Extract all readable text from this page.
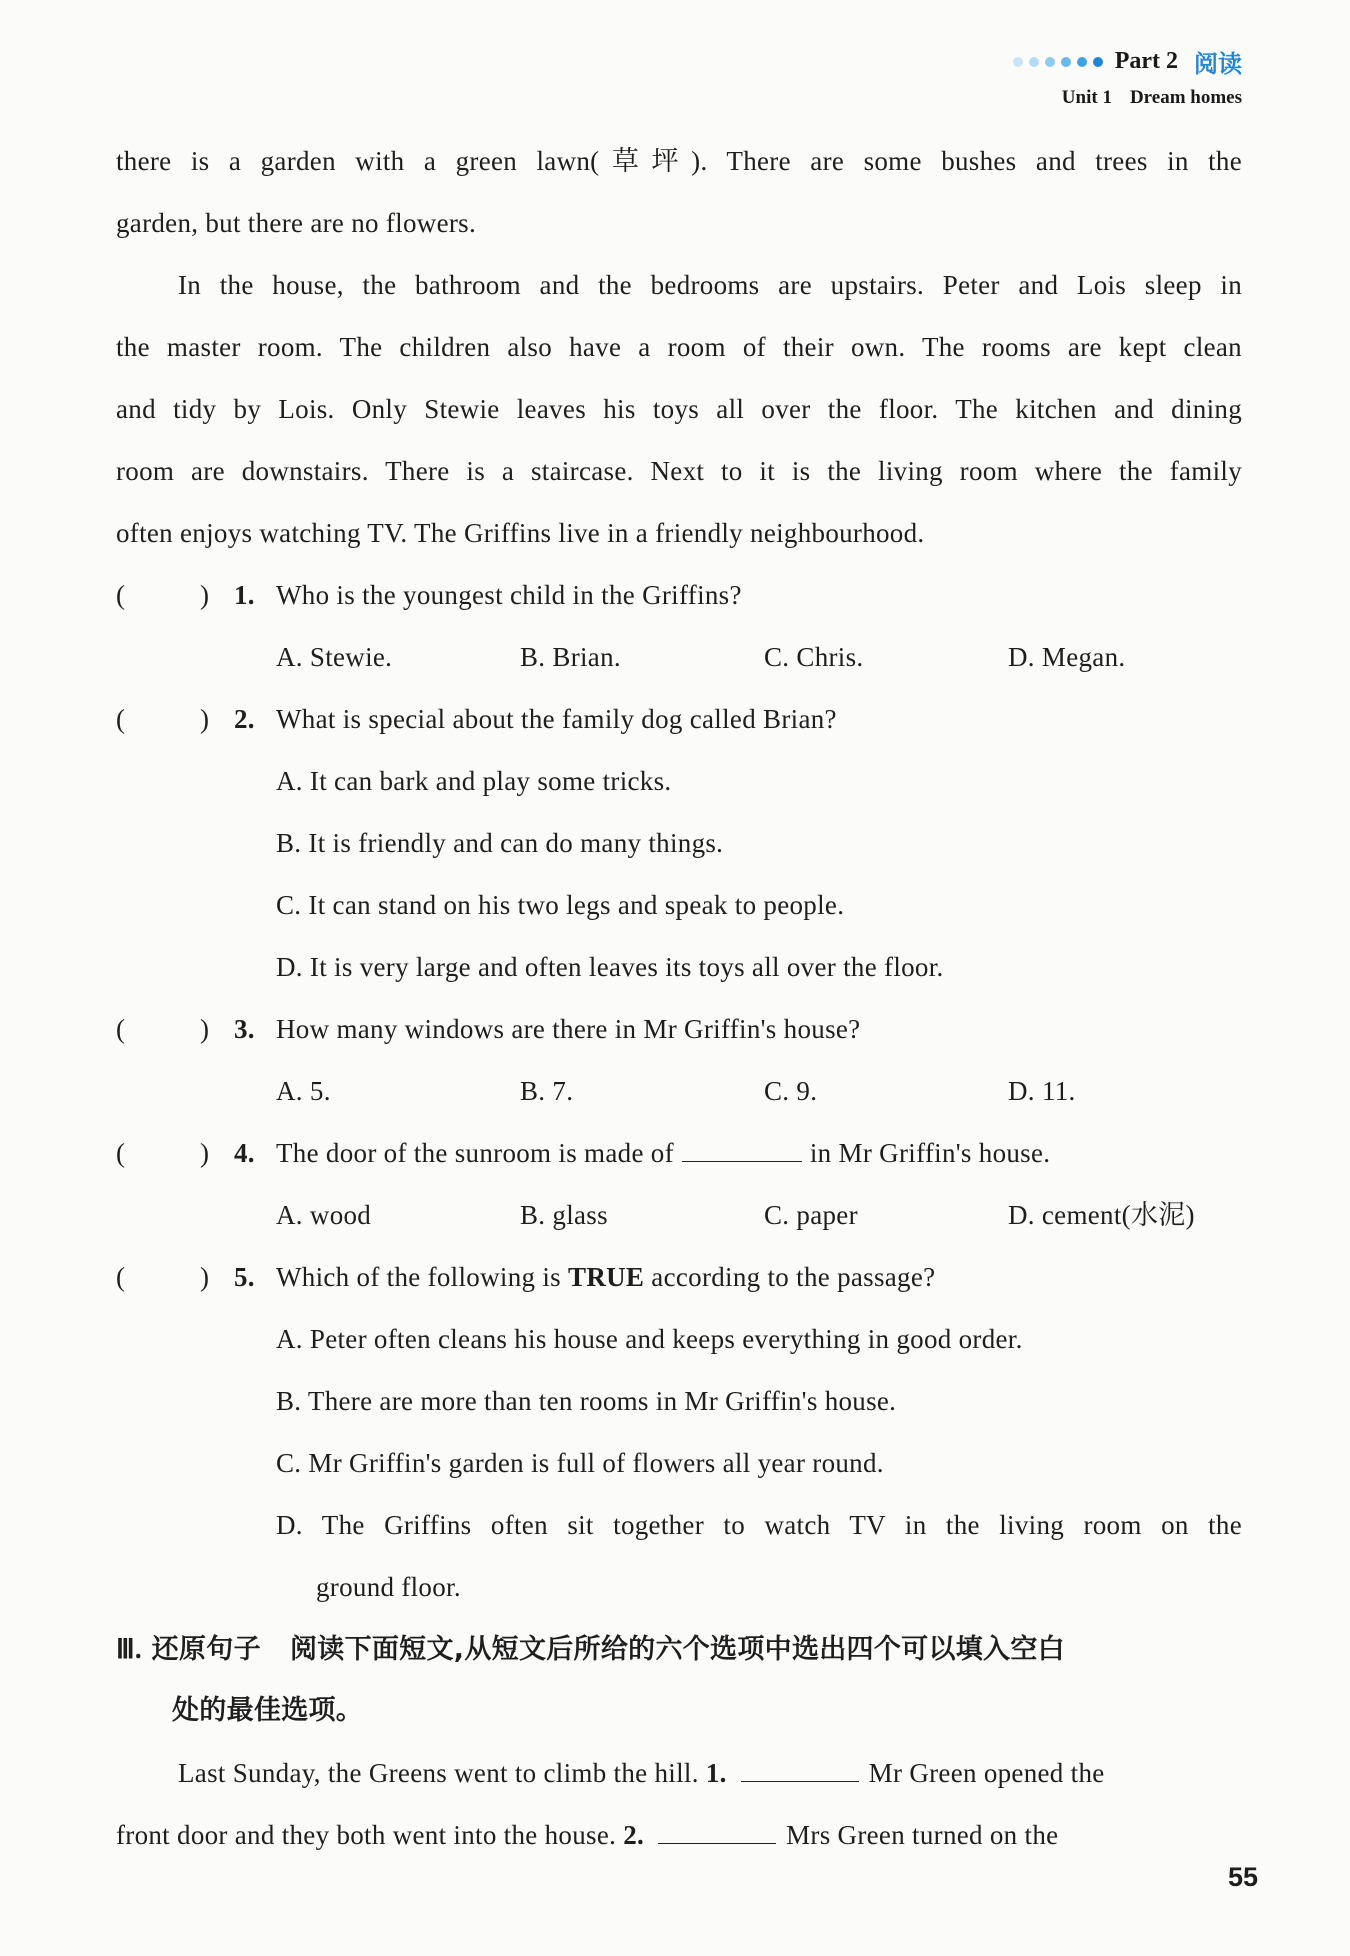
Part 2 阅读
Unit 1 Dream homes
there is a garden with a green lawn(草坪). There are some bushes and trees in the
garden, but there are no flowers.
In the house, the bathroom and the bedrooms are upstairs. Peter and Lois sleep in
the master room. The children also have a room of their own. The rooms are kept clean
and tidy by Lois. Only Stewie leaves his toys all over the floor. The kitchen and dining
room are downstairs. There is a staircase. Next to it is the living room where the family
often enjoys watching TV. The Griffins live in a friendly neighbourhood.
(	) 1. Who is the youngest child in the Griffins?
A. Stewie.	B. Brian.	C. Chris.	D. Megan.
(	) 2. What is special about the family dog called Brian?
A. It can bark and play some tricks.
B. It is friendly and can do many things.
C. It can stand on his two legs and speak to people.
D. It is very large and often leaves its toys all over the floor.
(	) 3. How many windows are there in Mr Griffin's house?
A. 5.	B. 7.	C. 9.	D. 11.
(	) 4. The door of the sunroom is made of	in Mr Griffin's house.
A. wood	B. glass	C. paper	D. cement(水泥)
(	) 5. Which of the following is TRUE according to the passage?
A. Peter often cleans his house and keeps everything in good order.
B. There are more than ten rooms in Mr Griffin's house.
C. Mr Griffin's garden is full of flowers all year round.
D. The Griffins often sit together to watch TV in the living room on the
ground floor.
Ⅲ. 还原句子 阅读下面短文,从短文后所给的六个选项中选出四个可以填入空白
处的最佳选项。
Last Sunday, the Greens went to climb the hill. 1.	Mr Green opened the
front door and they both went into the house. 2.	Mrs Green turned on the
55
